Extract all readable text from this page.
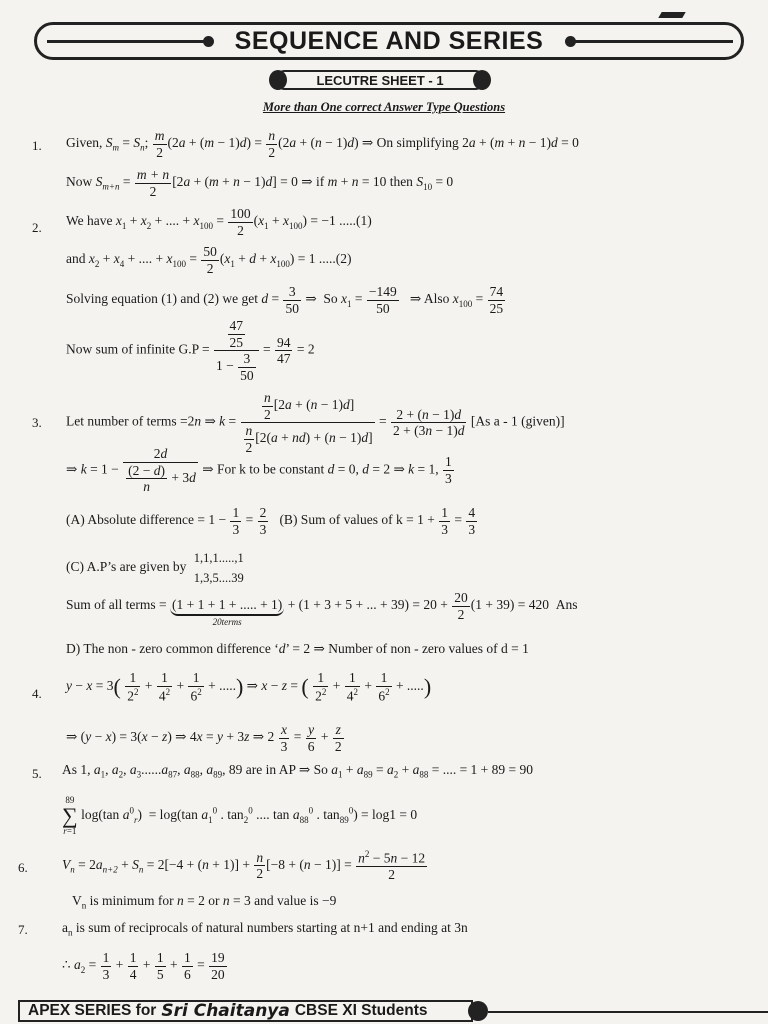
SEQUENCE AND SERIES
LECUTRE SHEET - 1
More than One correct Answer Type Questions
1. Given, $S_m = S_n$; $\frac{m}{2} (2a + (m - 1)d) = \frac{n}{2} (2a + (n - 1)d)$ ⇒ On simplifying 2a + (m + n − 1)d = 0
Now $S_{m+n} = \frac{m + n}{2} [2a + (m + n - 1)d] = 0$ ⇒ if m + n = 10 then $S_{10} = 0$
2. We have $x_1 + x_2$ + .... + $x_{100} = \frac{100}{2} (x_1 + x_{100}) = -1$ .....(1)
and $x_2 + x_4$ + .... + $x_{100} = \frac{50}{2} (x_1 + d + x_{100}) = 1$ .....(2)
Solving equation (1) and (2) we get $d = \frac{3}{50}$ ⇒  So $x_1 = \frac{-149}{50}$ ⇒ Also $x_{100} = \frac{74}{25}$
Now sum of infinite $G.P = \frac{\frac{47}{25}}{1 - \frac{3}{50}} = \frac{94}{47} = 2$
3. Let number of terms =2n ⇒ $k = \frac{\frac{n}{2} [2a + (n - 1)d]}{\frac{n}{2} [2(a + nd) + (n - 1)d]} = \frac{2 + (n - 1)d}{2 + (3n - 1)d} [As$ a - 1 (given)]
⇒ $k = 1 - \frac{2d}{\frac{(2 - d)}{n} + 3d}$ ⇒ For k to be constant d = 0, d = 2 ⇒ k = 1, $\frac{1}{3}$
(A) Absolute difference = $1 - \frac{1}{3} = \frac{2}{3} (B)$ Sum of values of $k = 1 + \frac{1}{3} = \frac{4}{3}$
(C) A.P’s are given by 1,1,1.....,1
1,3,5....39
Sum of all terms = (1 + 1 + 1 + ..... + 1)
20terms
+ (1 + 3 + 5 + ... + $39) = 20 + \frac{20}{2} (1 + 39) = 420$  Ans
D) The non - zero common difference ‘d’ = 2 ⇒ Number of non - zero values of d = 1
4.
$y - x = 3( \frac{1}{2^2} + \frac{1}{4^2} + \frac{1}{6^2}$ + .....) ⇒ x − z = ( $\frac{1}{2^2} + \frac{1}{4^2} + \frac{1}{6^2}$ + .....)
⇒ (y − x) = 3(x − z) ⇒ 4x = y + 3z ⇒ $2 \frac{x}{3} = \frac{y}{6} + \frac{z}{2}$
5. As 1, $a_1$, $a_2$, $a_3......a_{87}$, $a_{88}$, $a_{89}$, 89 are in AP ⇒ So $a_1 + a_{89} = a_2 + a_{88}$ = .... = 1 + 89 = 90
89
∑
r=1
log(tan $a^0_r) = \log(\tan$ $a_1^0$ . $\tan_2^0$ .... $\tan a_{88}^0$ . $\tan_{89}^0) = \log 1 = 0$
6.	$V_n = 2a_{n+2} + S_n = 2[-4 + (n + 1)] + \frac{n}{2} [-8 + (n - 1)] = \frac{n^2 - 5n - 12}{2}$
$V_n$ is minimum for n = 2 or n = 3 and value is −9
7.	$a_n$ is sum of reciprocals of natural numbers starting at n+1 and ending at 3n
∴ $a_2 = \frac{1}{3} + \frac{1}{4} + \frac{1}{5} + \frac{1}{6} = \frac{19}{20}$
APEX SERIES for Sri Chaitanya CBSE XI Students
